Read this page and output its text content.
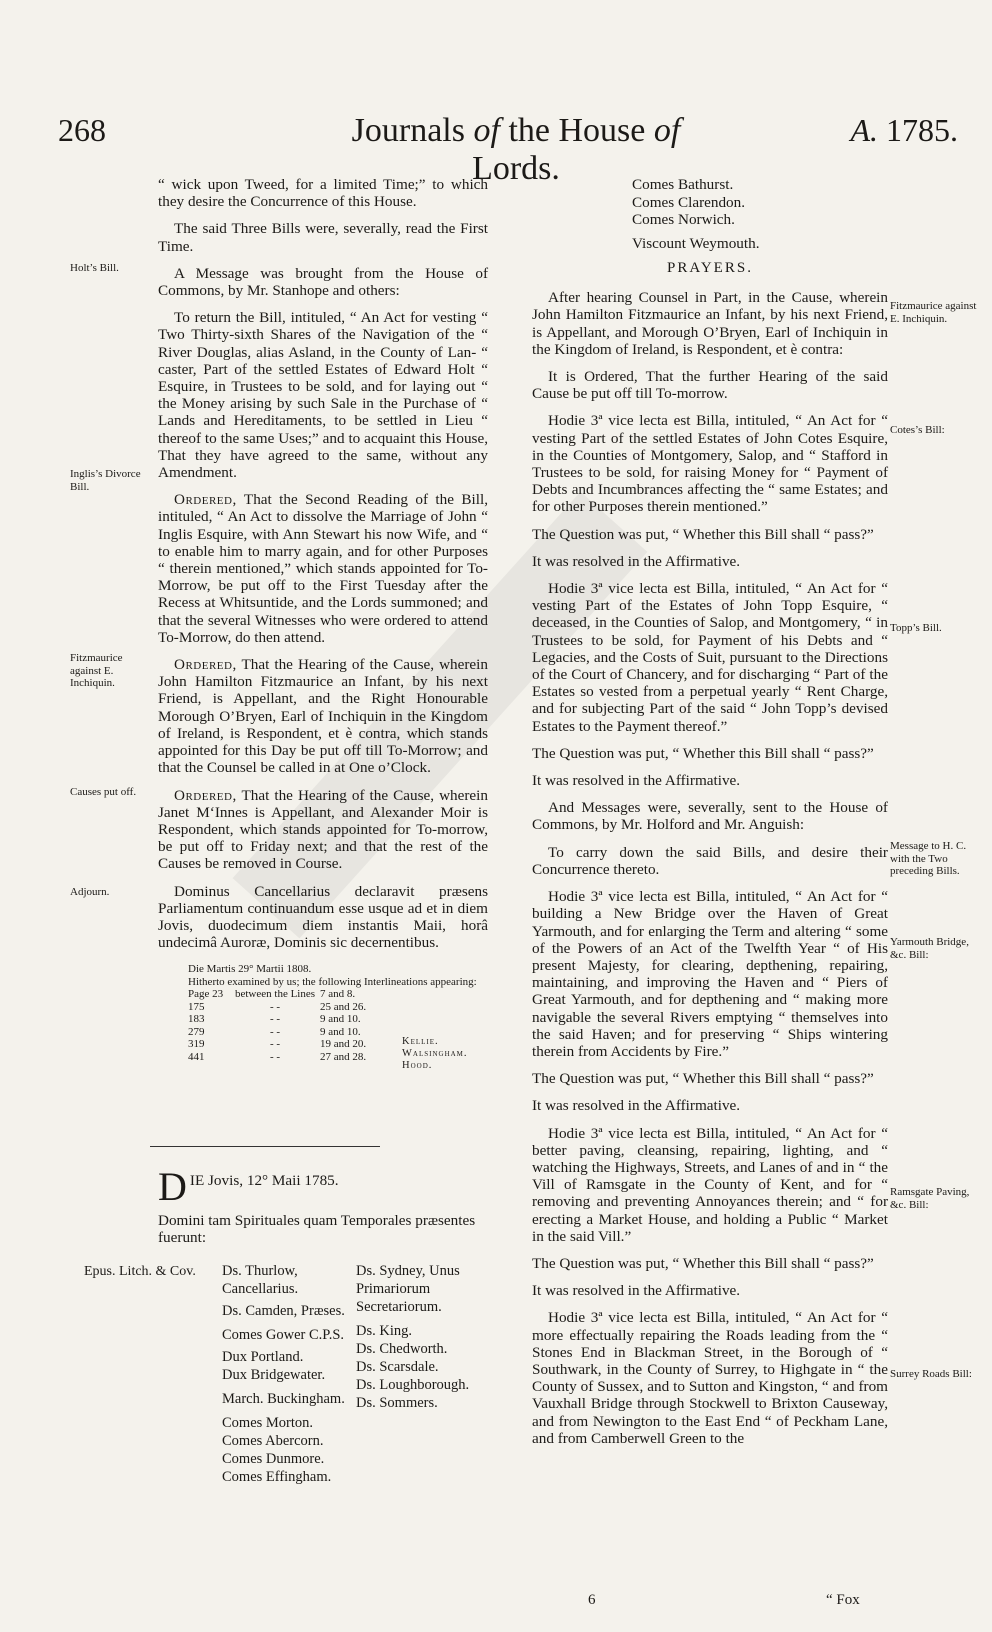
268	Journals of the House of Lords.
A. 1785.
Holt’s Bill.
Inglis’s Divorce Bill.
Fitzmaurice against E. Inchiquin.
Causes put off.
Adjourn.

“ wick upon Tweed, for a limited Time;” to which they desire the Concurrence of this House.

The said Three Bills were, severally, read the First Time.

A Message was brought from the House of Commons, by Mr. Stanhope and others:

To return the Bill, intituled, “ An Act for vesting “ Two Thirty-sixth Shares of the Navigation of the “ River Douglas, alias Asland, in the County of Lan- “ caster, Part of the settled Estates of Edward Holt “ Esquire, in Trustees to be sold, and for laying out “ the Money arising by such Sale in the Purchase of “ Lands and Hereditaments, to be settled in Lieu “ thereof to the same Uses;” and to acquaint this House, That they have agreed to the same, without any Amendment.

Ordered, That the Second Reading of the Bill, intituled, “ An Act to dissolve the Marriage of John “ Inglis Esquire, with Ann Stewart his now Wife, and “ to enable him to marry again, and for other Purposes “ therein mentioned,” which stands appointed for To-Morrow, be put off to the First Tuesday after the Recess at Whitsuntide, and the Lords summoned; and that the several Witnesses who were ordered to attend To-Morrow, do then attend.

Ordered, That the Hearing of the Cause, wherein John Hamilton Fitzmaurice an Infant, by his next Friend, is Appellant, and the Right Honourable Morough O’Bryen, Earl of Inchiquin in the Kingdom of Ireland, is Respondent, et è contra, which stands appointed for this Day be put off till To-Morrow; and that the Counsel be called in at One o’Clock.

Ordered, That the Hearing of the Cause, wherein Janet M‘Innes is Appellant, and Alexander Moir is Respondent, which stands appointed for To-morrow, be put off to Friday next; and that the rest of the Causes be removed in Course.

Dominus Cancellarius declaravit præsens Parliamentum continuandum esse usque ad et in diem Jovis, duodecimum diem instantis Maii, horâ undecimâ Auroræ, Dominis sic decernentibus.

Die Martis 29° Martii 1808.
Hitherto examined by us; the following Interlineations appearing:
Page 23	between the Lines 7 and 8.
175	- -	25 and 26.
183	- -	9 and 10.
279	- -	9 and 10.
319	- -	19 and 20.
441	- -	27 and 28.
Kellie.
Walsingham.
Hood.
D IE Jovis, 12° Maii 1785.
Domini tam Spirituales quam Temporales præsentes fuerunt:
Epus. Litch. & Cov. Ds. Thurlow, Cancellarius.
Ds. Camden, Præses.
Comes Gower C.P.S.
Dux Portland.
Dux Bridgewater.
March. Buckingham.
Comes Morton.
Comes Abercorn.
Comes Dunmore.
Comes Effingham.
Ds. Sydney, Unus Primariorum Secretariorum.
Ds. King.
Ds. Chedworth.
Ds. Scarsdale.
Ds. Loughborough.
Ds. Sommers.
Fitzmaurice against E. Inchiquin.
Cotes’s Bill:
Topp’s Bill.
Message to H. C. with the Two preceding Bills.
Yarmouth Bridge, &c. Bill:
Ramsgate Paving, &c. Bill:
Surrey Roads Bill:
Comes Bathurst.
Comes Clarendon.
Comes Norwich.
Viscount Weymouth.
PRAYERS.

After hearing Counsel in Part, in the Cause, wherein John Hamilton Fitzmaurice an Infant, by his next Friend, is Appellant, and Morough O’Bryen, Earl of Inchiquin in the Kingdom of Ireland, is Respondent, et è contra:

It is Ordered, That the further Hearing of the said Cause be put off till To-morrow.

Hodie 3ª vice lecta est Billa, intituled, “ An Act for “ vesting Part of the settled Estates of John Cotes Esquire, in the Counties of Montgomery, Salop, and “ Stafford in Trustees to be sold, for raising Money for “ Payment of Debts and Incumbrances affecting the “ same Estates; and for other Purposes therein mentioned.”

The Question was put, “ Whether this Bill shall “ pass?”

It was resolved in the Affirmative.

Hodie 3ª vice lecta est Billa, intituled, “ An Act for “ vesting Part of the Estates of John Topp Esquire, “ deceased, in the Counties of Salop, and Montgomery, “ in Trustees to be sold, for Payment of his Debts and “ Legacies, and the Costs of Suit, pursuant to the Directions of the Court of Chancery, and for discharging “ Part of the Estates so vested from a perpetual yearly “ Rent Charge, and for subjecting Part of the said “ John Topp’s devised Estates to the Payment thereof.”

The Question was put, “ Whether this Bill shall “ pass?”

It was resolved in the Affirmative.

And Messages were, severally, sent to the House of Commons, by Mr. Holford and Mr. Anguish:

To carry down the said Bills, and desire their Concurrence thereto.

Hodie 3ª vice lecta est Billa, intituled, “ An Act for “ building a New Bridge over the Haven of Great Yarmouth, and for enlarging the Term and altering “ some of the Powers of an Act of the Twelfth Year “ of His present Majesty, for clearing, depthening, repairing, maintaining, and improving the Haven and “ Piers of Great Yarmouth, and for depthening and “ making more navigable the several Rivers emptying “ themselves into the said Haven; and for preserving “ Ships wintering therein from Accidents by Fire.”

The Question was put, “ Whether this Bill shall “ pass?”

It was resolved in the Affirmative.

Hodie 3ª vice lecta est Billa, intituled, “ An Act for “ better paving, cleansing, repairing, lighting, and “ watching the Highways, Streets, and Lanes of and in “ the Vill of Ramsgate in the County of Kent, and for “ removing and preventing Annoyances therein; and “ for erecting a Market House, and holding a Public “ Market in the said Vill.”

The Question was put, “ Whether this Bill shall “ pass?”

It was resolved in the Affirmative.

Hodie 3ª vice lecta est Billa, intituled, “ An Act for “ more effectually repairing the Roads leading from the “ Stones End in Blackman Street, in the Borough of “ Southwark, in the County of Surrey, to Highgate in “ the County of Sussex, and to Sutton and Kingston, “ and from Vauxhall Bridge through Stockwell to Brixton Causeway, and from Newington to the East End “ of Peckham Lane, and from Camberwell Green to the

6	“ Fox
